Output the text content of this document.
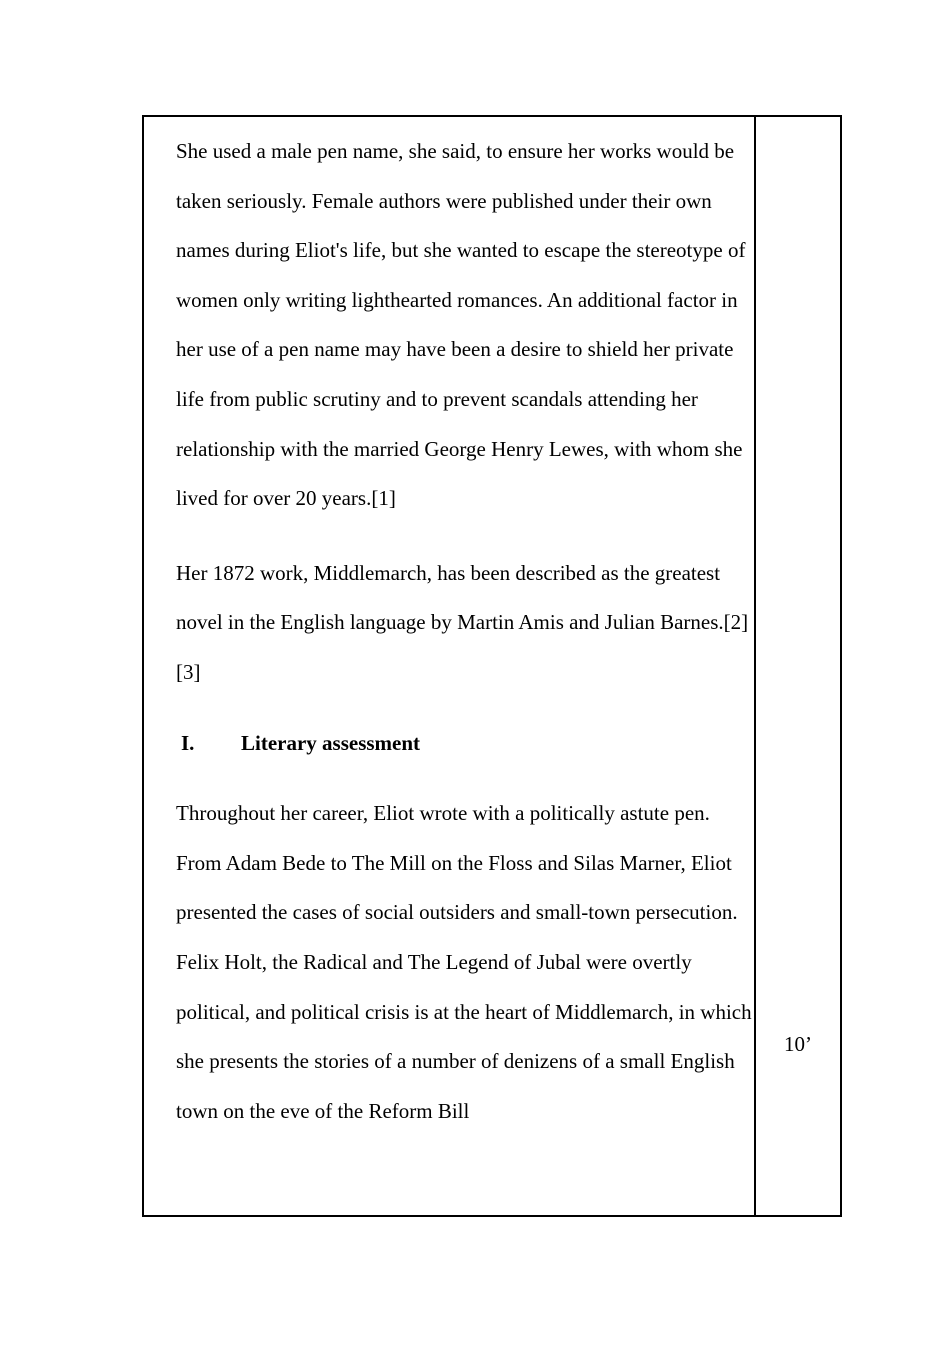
She used a male pen name, she said, to ensure her works would be taken seriously. Female authors were published under their own names during Eliot's life, but she wanted to escape the stereotype of women only writing lighthearted romances. An additional factor in her use of a pen name may have been a desire to shield her private life from public scrutiny and to prevent scandals attending her relationship with the married George Henry Lewes, with whom she lived for over 20 years.[1]

Her 1872 work, Middlemarch, has been described as the greatest novel in the English language by Martin Amis and Julian Barnes.[2][3]

I.	Literary assessment

Throughout her career, Eliot wrote with a politically astute pen. From Adam Bede to The Mill on the Floss and Silas Marner, Eliot presented the cases of social outsiders and small-town persecution. Felix Holt, the Radical and The Legend of Jubal were overtly political, and political crisis is at the heart of Middlemarch, in which she presents the stories of a number of denizens of a small English town on the eve of the Reform Bill

10’
